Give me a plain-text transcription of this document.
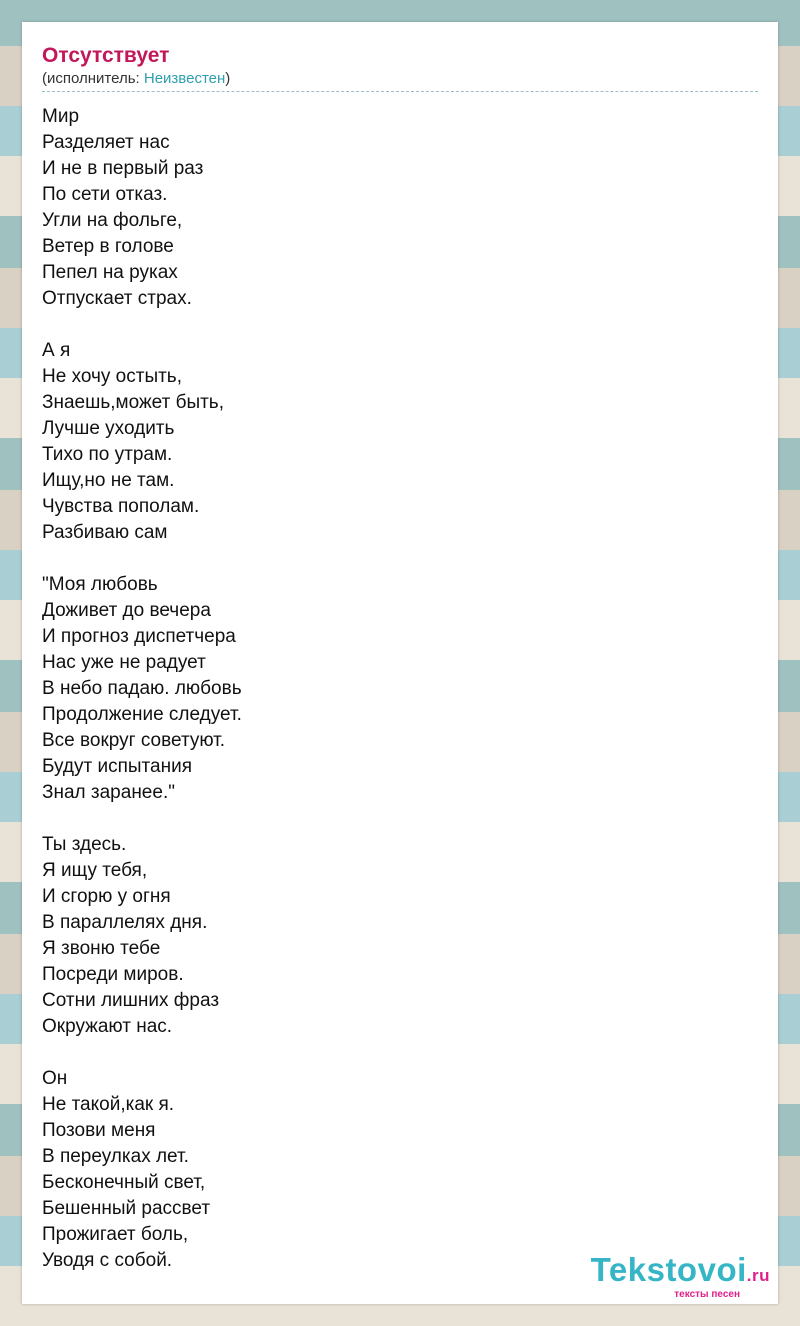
Отсутствует
(исполнитель: Неизвестен)
Мир
Разделяет нас
И не в первый раз
По сети отказ.
Угли на фольге,
Ветер в голове
Пепел на руках
Отпускает страх.
А я
Не хочу остыть,
Знаешь,может быть,
Лучше уходить
Тихо по утрам.
Ищу,но не там.
Чувства пополам.
Разбиваю сам
"Моя любовь
Доживет до вечера
И прогноз диспетчера
Нас уже не радует
В небо падаю. любовь
Продолжение следует.
Все вокруг советуют.
Будут испытания
Знал заранее."
Ты здесь.
Я ищу тебя,
И сгорю у огня
В параллелях дня.
Я звоню тебе
Посреди миров.
Сотни лишних фраз
Окружают нас.
Он
Не такой,как я.
Позови меня
В переулках лет.
Бесконечный свет,
Бешенный рассвет
Прожигает боль,
Уводя с собой.	Tekstovoi.ru
тексты песен
